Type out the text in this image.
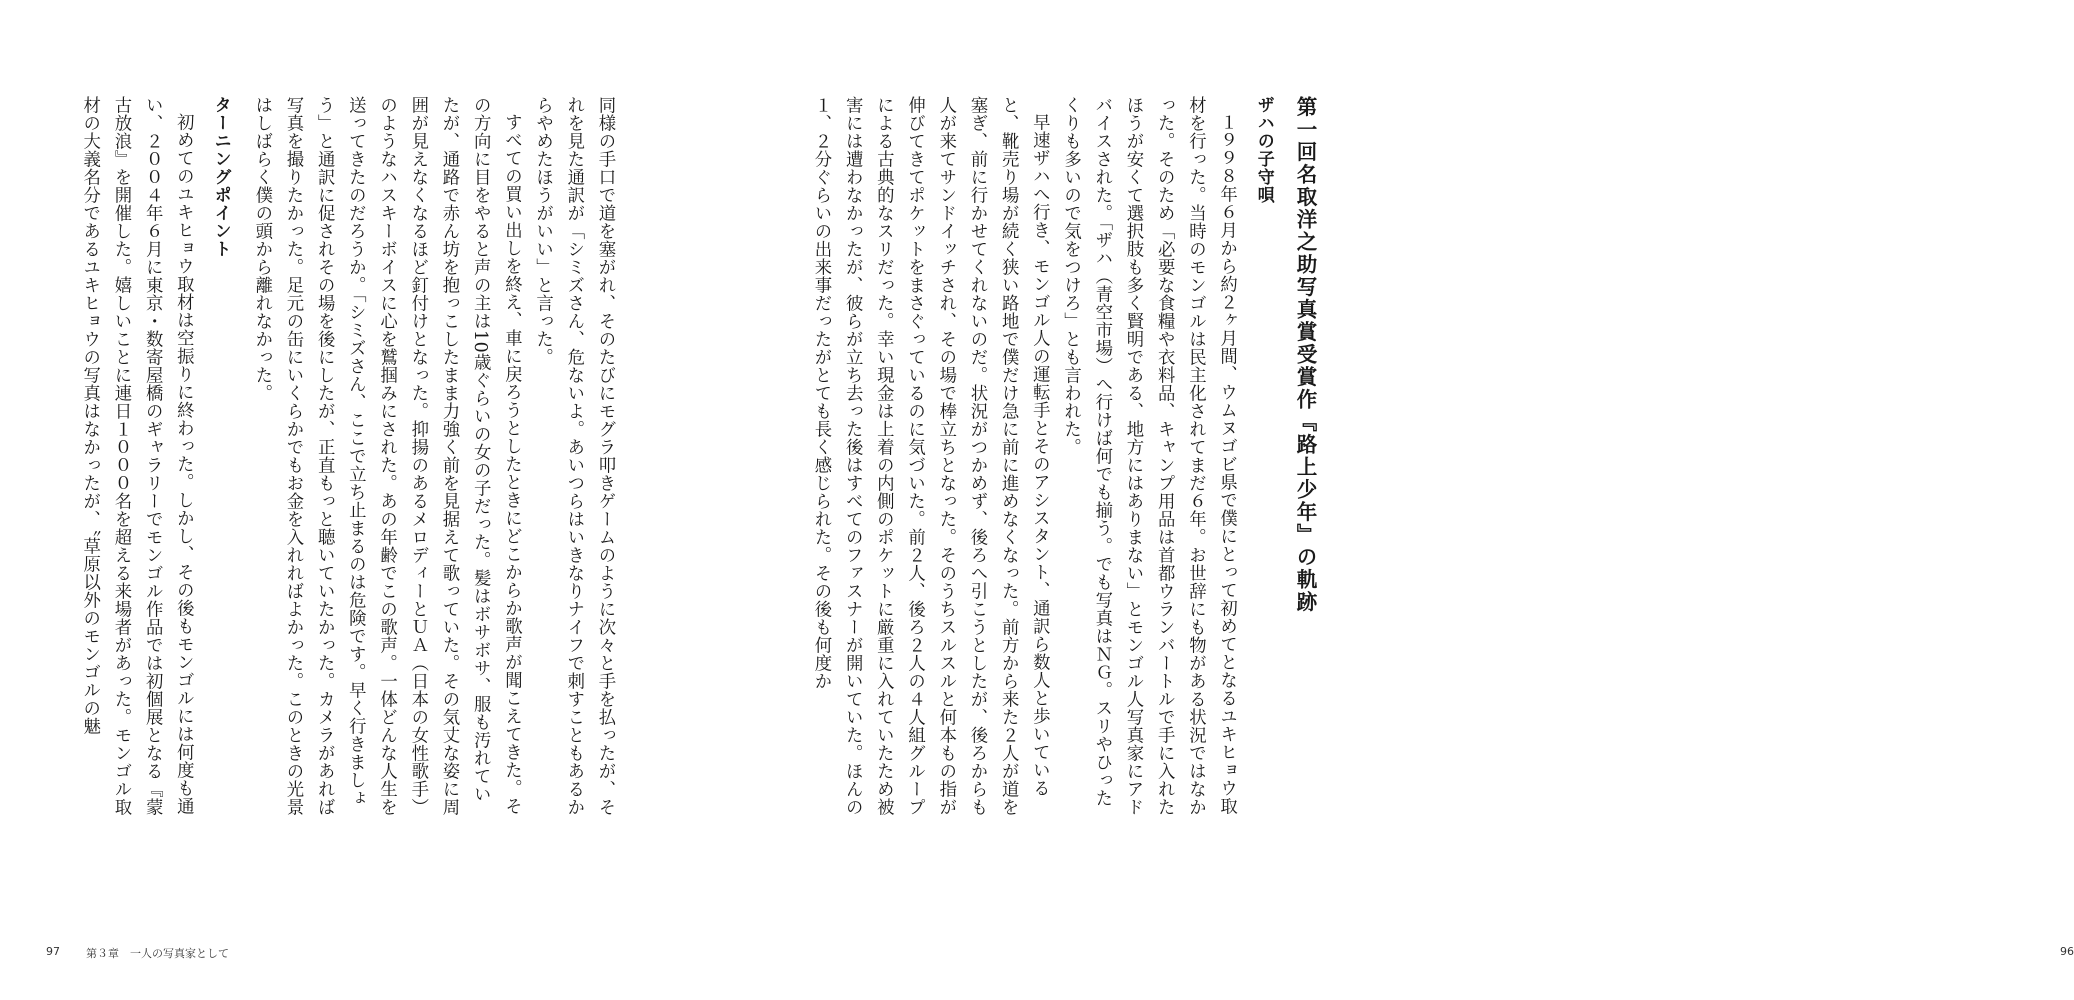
第一回名取洋之助写真賞受賞作『路上少年』の軌跡
ザハの子守唄

１９９８年６月から約２ヶ月間、ウムヌゴビ県で僕にとって初めてとなるユキヒョウ取材を行った。当時のモンゴルは民主化されてまだ６年。お世辞にも物がある状況ではなかった。そのため「必要な食糧や衣料品、キャンプ用品は首都ウランバートルで手に入れたほうが安くて選択肢も多く賢明である、地方にはありまない」とモンゴル人写真家にアドバイスされた。「ザハ（青空市場）へ行けば何でも揃う。でも写真はＮＧ。スリやひったくりも多いので気をつけろ」とも言われた。

早速ザハへ行き、モンゴル人の運転手とそのアシスタント、通訳ら数人と歩いていると、靴売り場が続く狭い路地で僕だけ急に前に進めなくなった。前方から来た２人が道を塞ぎ、前に行かせてくれないのだ。状況がつかめず、後ろへ引こうとしたが、後ろからも人が来てサンドイッチされ、その場で棒立ちとなった。そのうちスルスルと何本もの指が伸びてきてポケットをまさぐっているのに気づいた。前２人、後ろ２人の４人組グループによる古典的なスリだった。幸い現金は上着の内側のポケットに厳重に入れていたため被害には遭わなかったが、彼らが立ち去った後はすべてのファスナーが開いていた。ほんの１、２分ぐらいの出来事だったがとても長く感じられた。その後も何度か

96

同様の手口で道を塞がれ、そのたびにモグラ叩きゲームのように次々と手を払ったが、それを見た通訳が「シミズさん、危ないよ。あいつらはいきなりナイフで刺すこともあるからやめたほうがいい」と言った。

すべての買い出しを終え、車に戻ろうとしたときにどこからか歌声が聞こえてきた。その方向に目をやると声の主は10歳ぐらいの女の子だった。髪はボサボサ、服も汚れていたが、通路で赤ん坊を抱っこしたまま力強く前を見据えて歌っていた。その気丈な姿に周囲が見えなくなるほど釘付けとなった。抑揚のあるメロディーとＵＡ（日本の女性歌手）のようなハスキーボイスに心を鷲掴みにされた。あの年齢でこの歌声。一体どんな人生を送ってきたのだろうか。「シミズさん、ここで立ち止まるのは危険です。早く行きましょう」と通訳に促されその場を後にしたが、正直もっと聴いていたかった。カメラがあれば写真を撮りたかった。足元の缶にいくらかでもお金を入れればよかった。このときの光景はしばらく僕の頭から離れなかった。

ターニングポイント

初めてのユキヒョウ取材は空振りに終わった。しかし、その後もモンゴルには何度も通い、２００４年６月に東京・数寄屋橋のギャラリーでモンゴル作品では初個展となる『蒙古放浪』を開催した。嬉しいことに連日１０００名を超える来場者があった。モンゴル取材の大義名分であるユキヒョウの写真はなかったが、〝草原以外のモンゴルの魅

97 第３章　一人の写真家として
